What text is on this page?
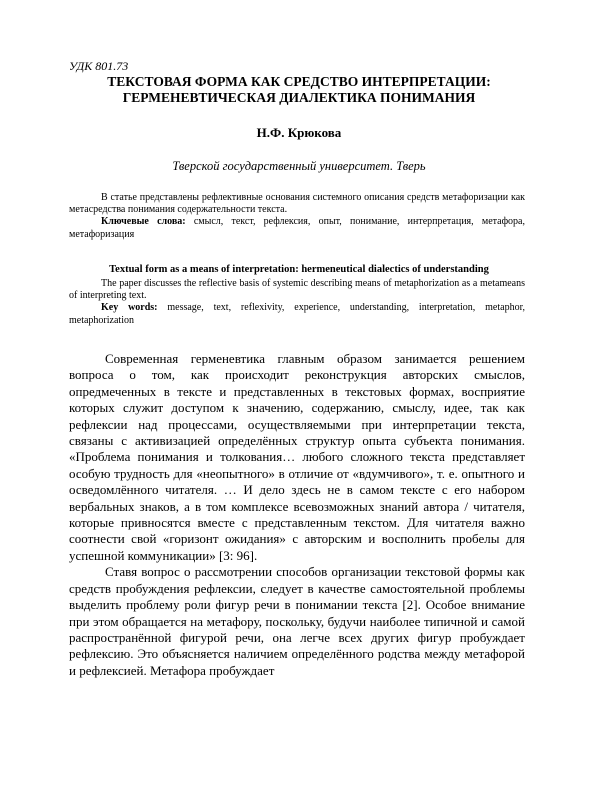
УДК 801.73
ТЕКСТОВАЯ ФОРМА КАК СРЕДСТВО ИНТЕРПРЕТАЦИИ:
ГЕРМЕНЕВТИЧЕСКАЯ ДИАЛЕКТИКА ПОНИМАНИЯ
Н.Ф. Крюкова
Тверской государственный университет. Тверь

В статье представлены рефлективные основания системного описания средств метафоризации как метасредства понимания содержательности текста.

Ключевые слова: смысл, текст, рефлексия, опыт, понимание, интерпретация, метафора, метафоризация

Textual form as a means of interpretation: hermeneutical dialectics of understanding

The paper discusses the reflective basis of systemic describing means of metaphorization as a metameans of interpreting text.

Key words: message, text, reflexivity, experience, understanding, interpretation, metaphor, metaphorization

Современная герменевтика главным образом занимается решением вопроса о том, как происходит реконструкция авторских смыслов, опредмеченных в тексте и представленных в текстовых формах, восприятие которых служит доступом к значению, содержанию, смыслу, идее, так как рефлексии над процессами, осуществляемыми при интерпретации текста, связаны с активизацией определённых структур опыта субъекта понимания. «Проблема понимания и толкования… любого сложного текста представляет особую трудность для «неопытного» в отличие от «вдумчивого», т. е. опытного и осведомлённого читателя. … И дело здесь не в самом тексте с его набором вербальных знаков, а в том комплексе всевозможных знаний автора / читателя, которые привносятся вместе с представленным текстом. Для читателя важно соотнести свой «горизонт ожидания» с авторским и восполнить пробелы для успешной коммуникации» [3: 96].

Ставя вопрос о рассмотрении способов организации текстовой формы как средств пробуждения рефлексии, следует в качестве самостоятельной проблемы выделить проблему роли фигур речи в понимании текста [2]. Особое внимание при этом обращается на метафору, поскольку, будучи наиболее типичной и самой распространённой фигурой речи, она легче всех других фигур пробуждает рефлексию. Это объясняется наличием определённого родства между метафорой и рефлексией. Метафора пробуждает
